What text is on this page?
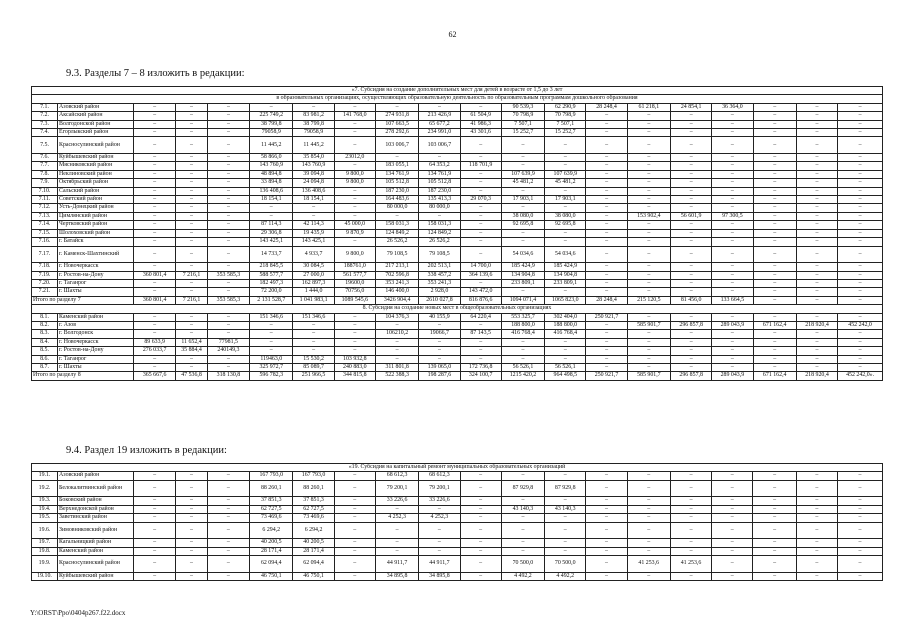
62
9.3. Разделы 7 – 8 изложить в редакции:
«7. Субсидия на создание дополнительных мест для детей в возрасте от 1,5 до 3 лет																			
в образовательных организациях, осуществляющих образовательную деятельность по образовательным программам дошкольного образования																			
7.1.	Азовский район	–	–	–	–	–	–	–	–	–	90 539,3	62 290,9	28 248,4	61 218,1	24 854,1	36 364,0	–	–	–
7.2.	Аксайский район	–	–	–	225 749,2	83 981,2	141 768,0	274 931,8	213 426,9	61 504,9	70 798,9	70 798,9	–	–	–	–	–	–	–
7.3.	Волгодонской район	–	–	–	38 799,8	38 799,8	–	107 663,5	65 677,2	41 986,3	7 507,1	7 507,1	–	–	–	–	–	–	–
7.4.	Егорлыкский район	–	–	–	79058,9	79058,9	–	278 292,6	234 991,0	43 301,6	15 252,7	15 252,7	–	–	–	–	–	–	–
7.5.	Красносулинский район	–	–	–	11 445,2	11 445,2	–	103 006,7	103 006,7	–	–	–	–	–	–	–	–	–	–
7.6.	Куйбышевский район	–	–	–	58 866,0	35 854,0	23012,0	–	–	–	–	–	–	–	–	–	–	–	–
7.7.	Мясниковский район	–	–	–	143 760,9	143 760,9	–	183 055,1	64 353,2	118 701,9	–	–	–	–	–	–	–	–	–
7.8.	Неклиновский район	–	–	–	48 894,8	39 094,8	9 800,0	134 761,9	134 761,9	–	107 639,9	107 639,9	–	–	–	–	–	–	–
7.9.	Октябрьский район	–	–	–	33 894,8	24 094,8	9 800,0	105 512,8	105 512,8	–	45 481,2	45 481,2	–	–	–	–	–	–	–
7.10.	Сальский район	–	–	–	136 408,6	136 408,6	–	187 230,0	187 230,0	–	–	–	–	–	–	–	–	–	–
7.11.	Советский район	–	–	–	18 154,1	18 154,1	–	164 483,6	135 413,3	29 070,3	17 903,1	17 903,1	–	–	–	–	–	–	–
7.12.	Усть-Донецкий район	–	–	–	–	–	–	80 000,0	80 000,0	–	–	–	–	–	–	–	–	–	–
7.13.	Цимлянский район	–	–	–	–	–	–	–	–	–	38 080,0	38 080,0	–	153 902,4	56 601,9	97 300,5	–	–	–
7.14.	Чертковский район	–	–	–	87 114,3	42 114,3	45 000,0	158 031,3	158 031,3	–	92 695,8	92 695,8	–	–	–	–	–	–	–
7.15.	Шолоховский район	–	–	–	29 306,8	19 435,9	9 870,9	124 849,2	124 849,2	–	–	–	–	–	–	–	–	–	–
7.16.	г. Батайск	–	–	–	143 425,1	143 425,1	–	26 526,2	26 526,2	–	–	–	–	–	–	–	–	–	–
7.17.	г. Каменск-Шахтинский	–	–	–	14 733,7	4 933,7	9 800,0	79 108,5	79 108,5	–	54 034,6	54 034,6	–	–	–	–	–	–	–
7.18.	г. Новочеркасск	–	–	–	218 845,5	30 084,5	188761,0	217 213,1	202 513,1	14 700,0	185 424,9	185 424,9	–	–	–	–	–	–	–
7.19.	г. Ростов-на-Дону	360 801,4	7 216,1	353 585,3	588 577,7	27 000,0	561 577,7	702 596,8	338 457,2	364 139,6	134 904,8	134 904,8	–	–	–	–	–	–	–
7.20.	г. Таганрог	–	–	–	182 497,3	162 897,3	19600,0	353 241,3	353 241,3	–	233 809,1	233 809,1	–	–	–	–	–	–	–
7.21.	г. Шахты	–	–	–	72 200,0	1 444,0	70756,0	146 400,0	2 928,0	143 472,0	–	–	–	–	–	–	–	–	–
Итого по разделу 7		360 801,4	7 216,1	353 585,3	2 131 528,7	1 041 983,1	1089 545,6	3426 904,4	2610 027,8	816 876,6	1094 071,4	1065 823,0	28 248,4	215 120,5	81 456,0	133 664,5	–	–	–
8. Субсидия на создание новых мест в общеобразовательных организациях																			
8.1.	Каменский район	–	–	–	151 346,6	151 346,6	–	104 376,3	40 155,9	64 220,4	553 325,7	302 404,0	250 921,7	–	–	–	–	–	–
8.2.	г. Азов	–	–	–	–	–	–	–	–	–	188 800,0	188 800,0	–	585 901,7	296 857,8	289 043,9	671 162,4	218 920,4	452 242,0
8.3.	г. Волгодонск	–	–	–	–	–	–	106210,2	19066,7	87 143,5	416 768,4	416 768,4	–	–	–	–	–	–	–
8.4.	г. Новочеркасск	89 633,9	11 652,4	77981,5	–	–	–	–	–	–	–	–	–	–	–	–	–	–	–
8.5.	г. Ростов-на-Дону	276 033,7	35 884,4	240149,3	–	–	–	–	–	–	–	–	–	–	–	–	–	–	–
8.6.	г. Таганрог	–	–	–	119463,0	15 530,2	103 932,8	–	–	–	–	–	–	–	–	–	–	–	–
8.7.	г. Шахты	–	–	–	325 972,7	85 089,7	240 883,0	311 801,8	139 065,0	172 736,8	56 526,1	56 526,1	–	–	–	–	–	–	–
Итого по разделу 8		365 667,6	47 536,8	318 130,8	596 782,3	251 966,5	344 815,8	522 388,3	198 287,6	324 100,7	1215 420,2	964 498,5	250 921,7	585 901,7	296 857,8	289 043,9	671 162,4	218 920,4	452 242,0».
9.4. Раздел 19 изложить в редакции:
«19. Субсидия на капитальный ремонт муниципальных образовательных организаций																			
19.1.	Азовский район	–	–	–	167 793,0	167 793,0	–	68 612,3	68 612,3	–	–	–	–	–	–	–	–	–	–
19.2.	Белокалитвинский район	–	–	–	88 260,1	88 260,1	–	79 200,1	79 200,1	–	87 929,8	87 929,8	–	–	–	–	–	–	–
19.3.	Боковский район	–	–	–	37 851,3	37 851,3	–	33 226,6	33 226,6	–	–	–	–	–	–	–	–	–	–
19.4.	Верхнедонской район	–	–	–	62 727,5	62 727,5	–	–	–	–	43 140,3	43 140,3	–	–	–	–	–	–	–
19.5.	Заветинский район	–	–	–	73 469,6	73 469,6	–	4 252,3	4 252,3	–	–	–	–	–	–	–	–	–	–
19.6.	Зимовниковский район	–	–	–	6 294,2	6 294,2	–	–	–	–	–	–	–	–	–	–	–	–	–
19.7.	Кагальницкий район	–	–	–	40 200,5	40 200,5	–	–	–	–	–	–	–	–	–	–	–	–	–
19.8.	Каменский район	–	–	–	28 171,4	28 171,4	–	–	–	–	–	–	–	–	–	–	–	–	–
19.9.	Красносулинский район	–	–	–	62 094,4	62 094,4	–	44 911,7	44 911,7	–	70 500,0	70 500,0	–	41 253,6	41 253,6	–	–	–	–
19.10.	Куйбышевский район	–	–	–	46 750,1	46 750,1	–	34 895,8	34 895,8	–	4 492,2	4 492,2	–	–	–	–	–	–	–
Y:\ORST\Ppo\0404p267.f22.docx
